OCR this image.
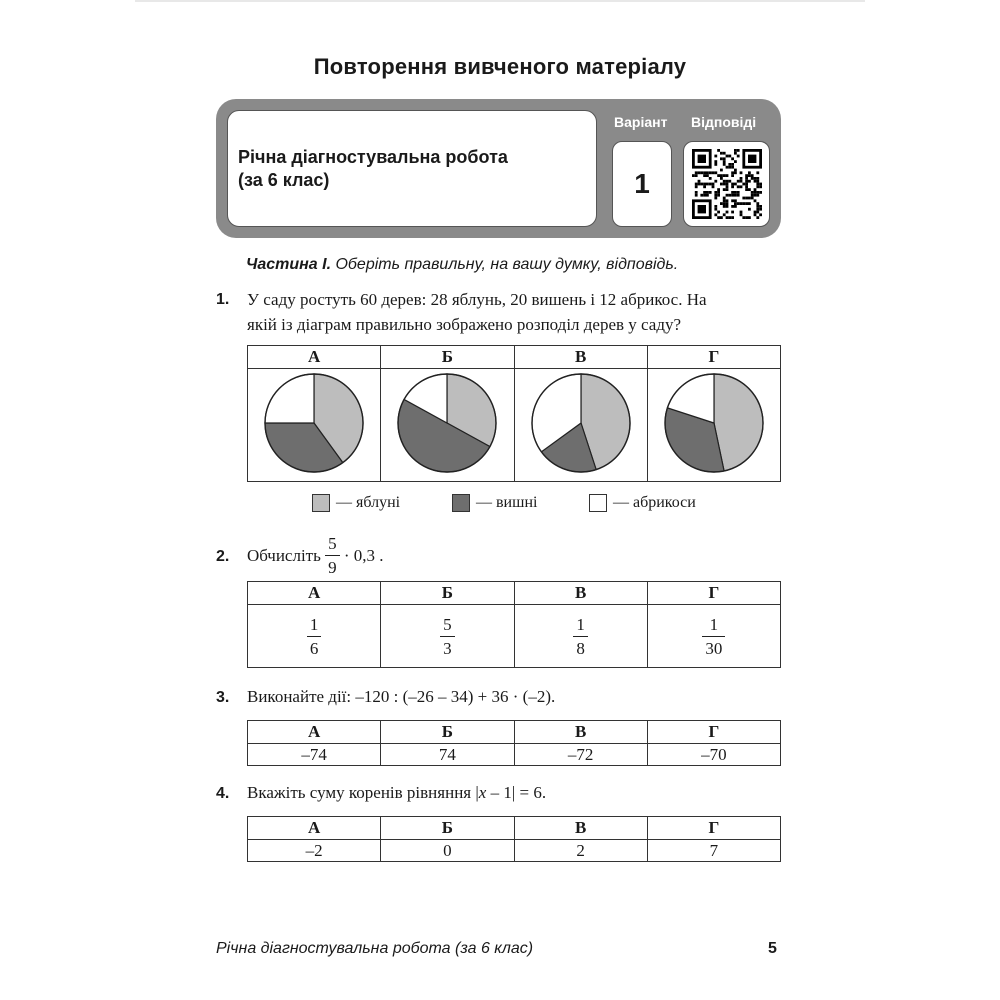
Повторення вивченого матеріалу
Річна діагностувальна робота
(за 6 клас)
Варіант Відповіді
1
Частина I. Оберіть правильну, на вашу думку, відповідь.
1. У саду ростуть 60 дерев: 28 яблунь, 20 вишень і 12 абрикос. На
якій із діаграм правильно зображено розподіл дерев у саду?
А	Б	В	Г

— яблуні	— вишні	— абрикоси
2. Обчисліть $\frac{5}{9} \cdot 0,3$ .
А	Б	В	Г

$\frac{1}{6}$	$\frac{5}{3}$	$\frac{1}{8}$	$\frac{1}{30}$
3. Виконайте дії: –120 : (–26 – 34) + 36 · (–2).
А	Б	В	Г
–74	74	–72	–70
4. Вкажіть суму коренів рівняння |x – 1| = 6.
А	Б	В	Г
–2	0	2	7
Річна діагностувальна робота (за 6 клас)	5
